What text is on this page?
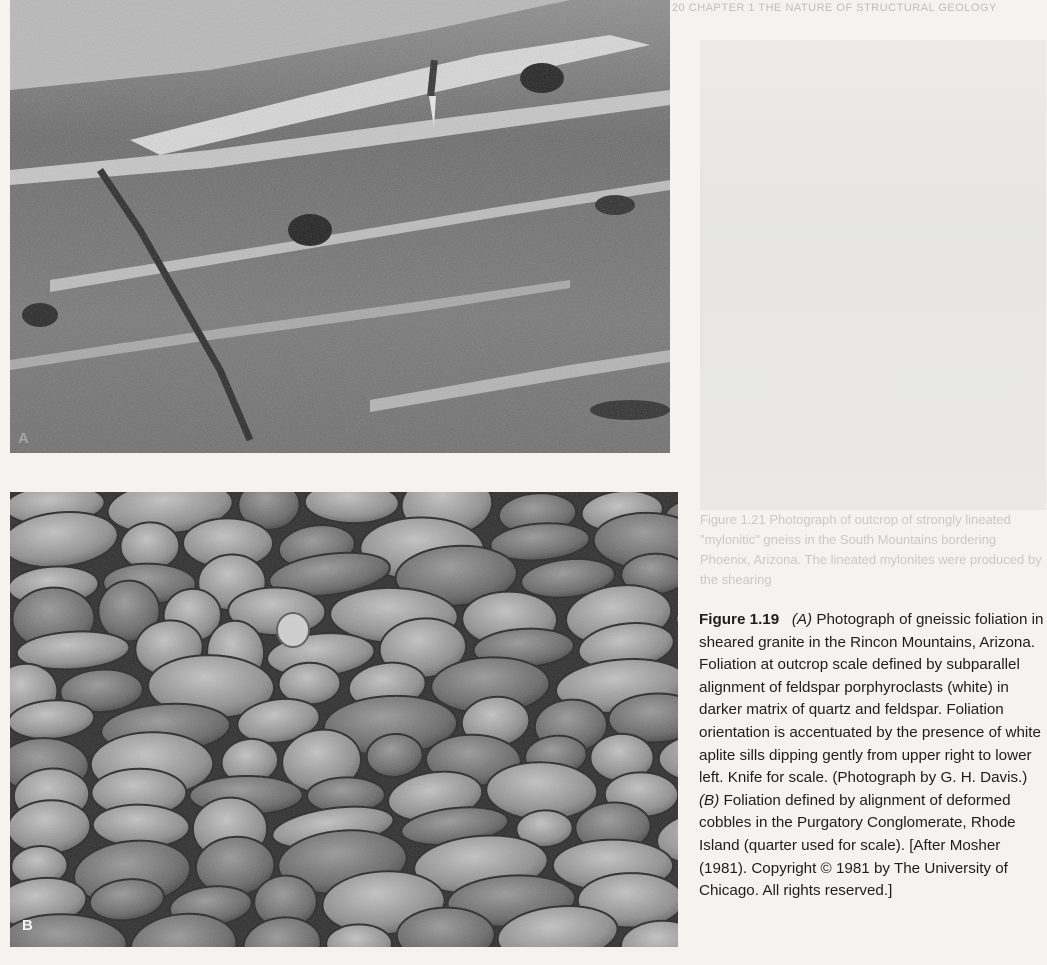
20 CHAPTER 1 THE NATURE OF STRUCTURAL GEOLOGY
Figure 1.21 Photograph of outcrop of strongly lineated "mylonitic" gneiss in the South Mountains bordering Phoenix, Arizona. The lineated mylonites were produced by the shearing
A
B
Figure 1.19 (A) Photograph of gneissic foliation in sheared granite in the Rincon Mountains, Arizona. Foliation at outcrop scale defined by subparallel alignment of feldspar porphyroclasts (white) in darker matrix of quartz and feldspar. Foliation orientation is accentuated by the presence of white aplite sills dipping gently from upper right to lower left. Knife for scale. (Photograph by G. H. Davis.) (B) Foliation defined by alignment of deformed cobbles in the Purgatory Conglomerate, Rhode Island (quarter used for scale). [After Mosher (1981). Copyright © 1981 by The University of Chicago. All rights reserved.]
